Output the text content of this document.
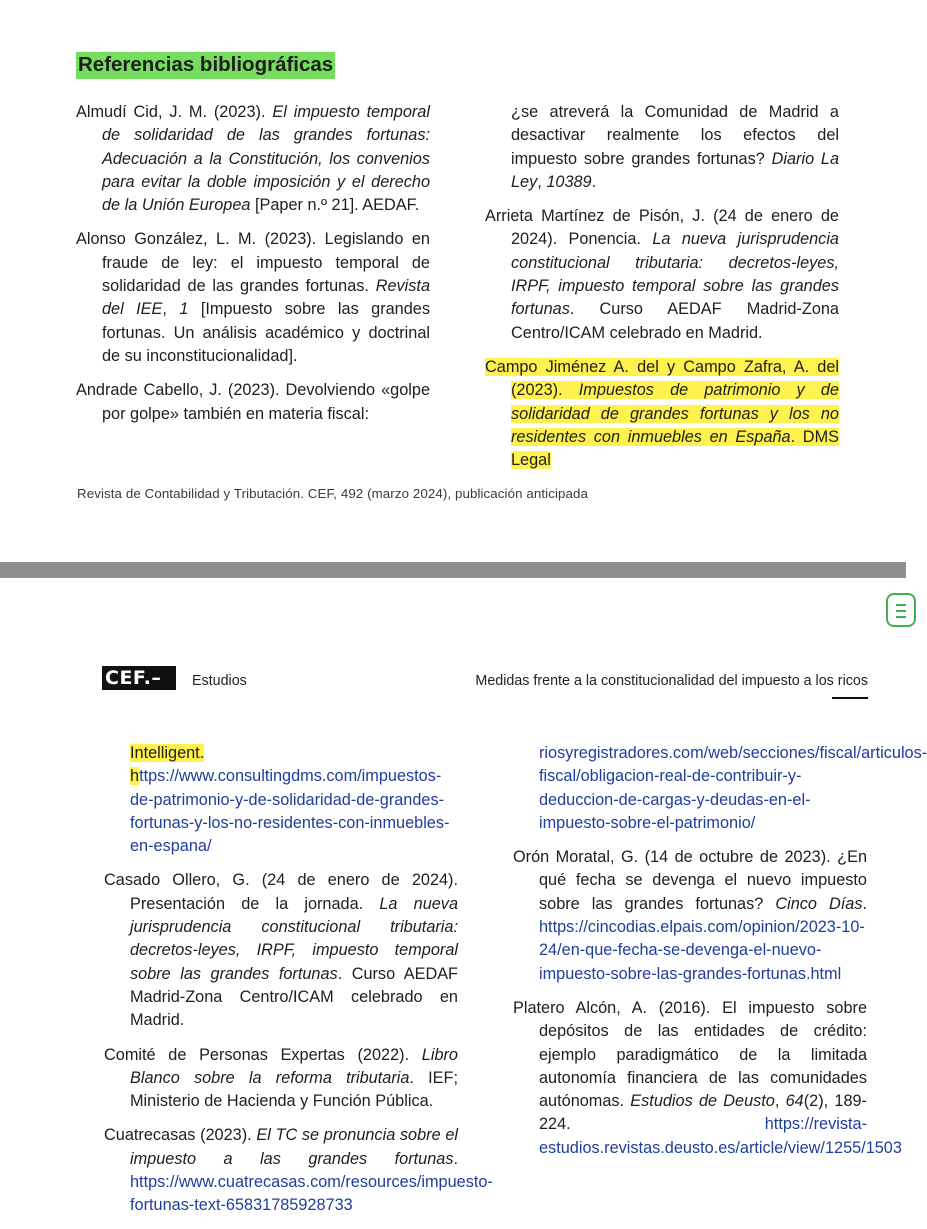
Referencias bibliográficas

Almudí Cid, J. M. (2023). El impuesto temporal de solidaridad de las grandes fortunas: Adecuación a la Constitución, los convenios para evitar la doble imposición y el derecho de la Unión Europea [Paper n.º 21]. AEDAF.

Alonso González, L. M. (2023). Legislando en fraude de ley: el impuesto temporal de solidaridad de las grandes fortunas. Revista del IEE, 1 [Impuesto sobre las grandes fortunas. Un análisis académico y doctrinal de su inconstitucionalidad].

Andrade Cabello, J. (2023). Devolviendo «golpe por golpe» también en materia fiscal:

¿se atreverá la Comunidad de Madrid a desactivar realmente los efectos del impuesto sobre grandes fortunas? Diario La Ley, 10389.

Arrieta Martínez de Pisón, J. (24 de enero de 2024). Ponencia. La nueva jurisprudencia constitucional tributaria: decretos-leyes, IRPF, impuesto temporal sobre las grandes fortunas. Curso AEDAF Madrid-Zona Centro/ICAM celebrado en Madrid.

Campo Jiménez A. del y Campo Zafra, A. del (2023). Impuestos de patrimonio y de solidaridad de grandes fortunas y los no residentes con inmuebles en España. DMS Legal

Revista de Contabilidad y Tributación. CEF, 492 (marzo 2024), publicación anticipada
CEF.–	Estudios	Medidas frente a la constitucionalidad del impuesto a los ricos

Intelligent. https://www.consultingdms.com/impuestos-de-patrimonio-y-de-solidaridad-de-grandes-fortunas-y-los-no-residentes-con-inmuebles-en-espana/

Casado Ollero, G. (24 de enero de 2024). Presentación de la jornada. La nueva jurisprudencia constitucional tributaria: decretos-leyes, IRPF, impuesto temporal sobre las grandes fortunas. Curso AEDAF Madrid-Zona Centro/ICAM celebrado en Madrid.

Comité de Personas Expertas (2022). Libro Blanco sobre la reforma tributaria. IEF; Ministerio de Hacienda y Función Pública.

Cuatrecasas (2023). El TC se pronuncia sobre el impuesto a las grandes fortunas. https://www.cuatrecasas.com/resources/impuesto-fortunas-text-65831785928733

riosyregistradores.com/web/secciones/fiscal/articulos-fiscal/obligacion-real-de-contribuir-y-deduccion-de-cargas-y-deudas-en-el-impuesto-sobre-el-patrimonio/

Orón Moratal, G. (14 de octubre de 2023). ¿En qué fecha se devenga el nuevo impuesto sobre las grandes fortunas? Cinco Días. https://cincodias.elpais.com/opinion/2023-10-24/en-que-fecha-se-devenga-el-nuevo-impuesto-sobre-las-grandes-fortunas.html

Platero Alcón, A. (2016). El impuesto sobre depósitos de las entidades de crédito: ejemplo paradigmático de la limitada autonomía financiera de las comunidades autónomas. Estudios de Deusto, 64(2), 189-224. https://revista-estudios.revistas.deusto.es/article/view/1255/1503
